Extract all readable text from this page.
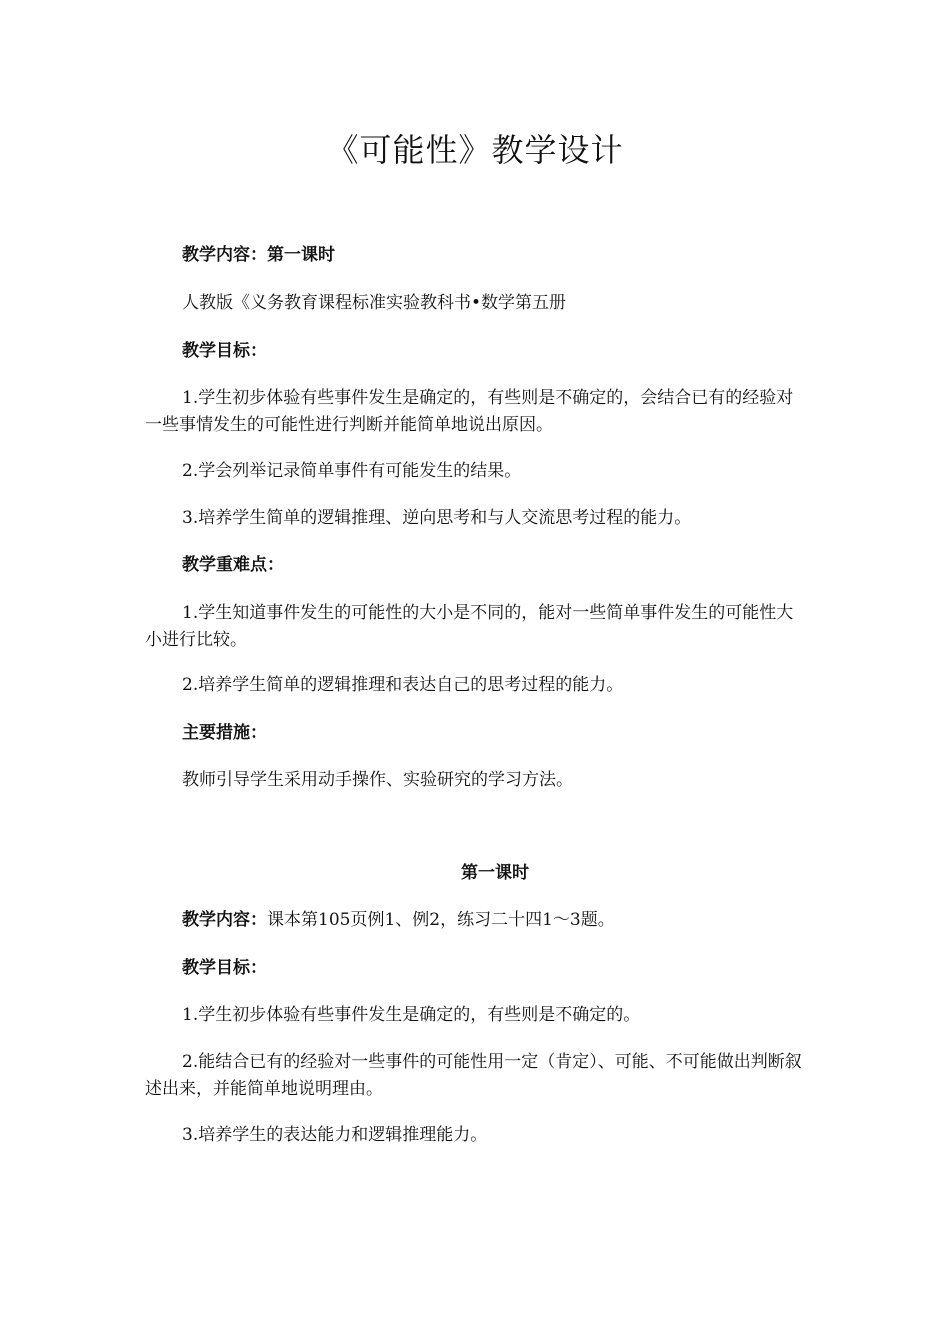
《可能性》教学设计

教学内容：第一课时

人教版《义务教育课程标准实验教科书•数学第五册

教学目标：

1.学生初步体验有些事件发生是确定的，有些则是不确定的，会结合已有的经验对一些事情发生的可能性进行判断并能简单地说出原因。

2.学会列举记录简单事件有可能发生的结果。

3.培养学生简单的逻辑推理、逆向思考和与人交流思考过程的能力。

教学重难点：

1.学生知道事件发生的可能性的大小是不同的，能对一些简单事件发生的可能性大小进行比较。

2.培养学生简单的逻辑推理和表达自己的思考过程的能力。

主要措施：

教师引导学生采用动手操作、实验研究的学习方法。

第一课时

教学内容：课本第105页例1、例2，练习二十四1～3题。

教学目标：

1.学生初步体验有些事件发生是确定的，有些则是不确定的。

2.能结合已有的经验对一些事件的可能性用一定（肯定）、可能、不可能做出判断叙述出来，并能简单地说明理由。

3.培养学生的表达能力和逻辑推理能力。
